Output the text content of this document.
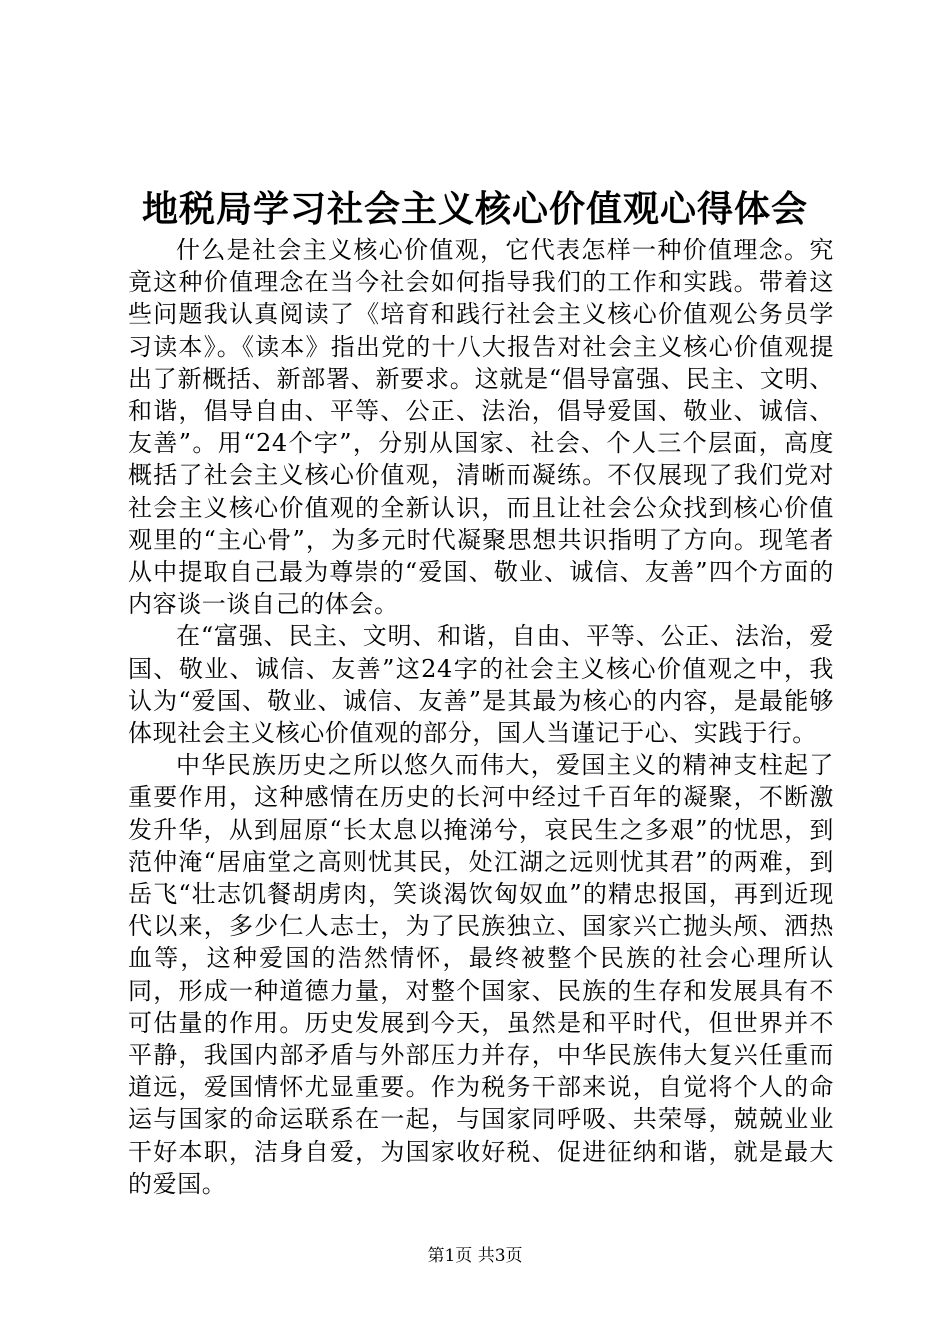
地税局学习社会主义核心价值观心得体会

什么是社会主义核心价值观，它代表怎样一种价值理念。究竟这种价值理念在当今社会如何指导我们的工作和实践。带着这些问题我认真阅读了《培育和践行社会主义核心价值观公务员学习读本》。《读本》指出党的十八大报告对社会主义核心价值观提出了新概括、新部署、新要求。这就是“倡导富强、民主、文明、和谐，倡导自由、平等、公正、法治，倡导爱国、敬业、诚信、友善”。用“24个字”，分别从国家、社会、个人三个层面，高度概括了社会主义核心价值观，清晰而凝练。不仅展现了我们党对社会主义核心价值观的全新认识，而且让社会公众找到核心价值观里的“主心骨”，为多元时代凝聚思想共识指明了方向。现笔者从中提取自己最为尊崇的“爱国、敬业、诚信、友善”四个方面的内容谈一谈自己的体会。

在“富强、民主、文明、和谐，自由、平等、公正、法治，爱国、敬业、诚信、友善”这24字的社会主义核心价值观之中，我认为“爱国、敬业、诚信、友善”是其最为核心的内容，是最能够体现社会主义核心价值观的部分，国人当谨记于心、实践于行。

中华民族历史之所以悠久而伟大，爱国主义的精神支柱起了重要作用，这种感情在历史的长河中经过千百年的凝聚，不断激发升华，从到屈原“长太息以掩涕兮，哀民生之多艰”的忧思，到范仲淹“居庙堂之高则忧其民，处江湖之远则忧其君”的两难，到岳飞“壮志饥餐胡虏肉，笑谈渴饮匈奴血”的精忠报国，再到近现代以来，多少仁人志士，为了民族独立、国家兴亡抛头颅、洒热血等，这种爱国的浩然情怀，最终被整个民族的社会心理所认同，形成一种道德力量，对整个国家、民族的生存和发展具有不可估量的作用。历史发展到今天，虽然是和平时代，但世界并不平静，我国内部矛盾与外部压力并存，中华民族伟大复兴任重而道远，爱国情怀尤显重要。作为税务干部来说，自觉将个人的命运与国家的命运联系在一起，与国家同呼吸、共荣辱，兢兢业业干好本职，洁身自爱，为国家收好税、促进征纳和谐，就是最大的爱国。

第1页 共3页
